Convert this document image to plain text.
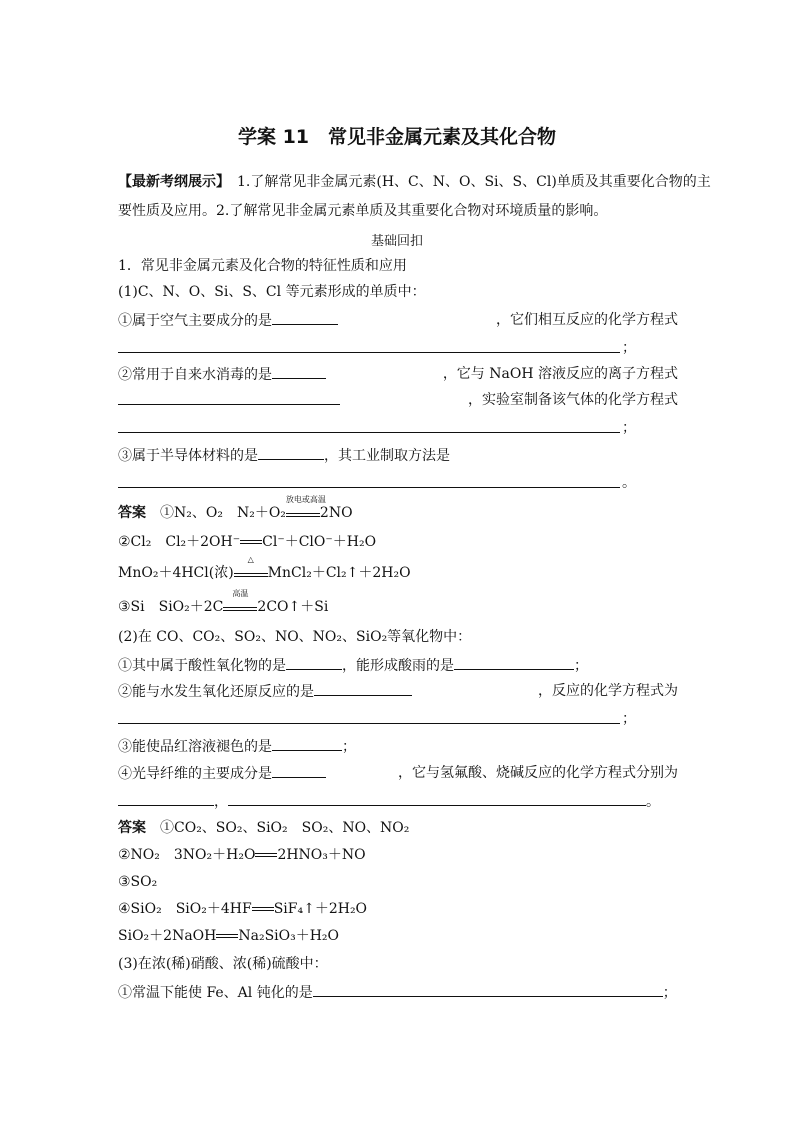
学案 11　常见非金属元素及其化合物
【最新考纲展示】　1.了解常见非金属元素(H、C、N、O、Si、S、Cl)单质及其重要化合物的主
要性质及应用。2.了解常见非金属元素单质及其重要化合物对环境质量的影响。
基础回扣
1．常见非金属元素及化合物的特征性质和应用
(1)C、N、O、Si、S、Cl 等元素形成的单质中：
①属于空气主要成分的是	，它们相互反应的化学方程式
；
②常用于自来水消毒的是	，它与 NaOH 溶液反应的离子方程式
，实验室制备该气体的化学方程式
；
③属于半导体材料的是	，其工业制取方法是
。
答案　①N₂、O₂　N₂＋O₂
放电或高温
2NO
②Cl₂　Cl₂＋2OH⁻ Cl⁻＋ClO⁻＋H₂O
MnO₂＋4HCl(浓)
△
MnCl₂＋Cl₂↑＋2H₂O
③Si　SiO₂＋2C
高温
2CO↑＋Si
(2)在 CO、CO₂、SO₂、NO、NO₂、SiO₂等氧化物中：
①其中属于酸性氧化物的是	，能形成酸雨的是	；
②能与水发生氧化还原反应的是	，反应的化学方程式为
；
③能使品红溶液褪色的是	；
④光导纤维的主要成分是	，它与氢氟酸、烧碱反应的化学方程式分别为
，	。
答案　①CO₂、SO₂、SiO₂　SO₂、NO、NO₂
②NO₂　3NO₂＋H₂O 2HNO₃＋NO
③SO₂
④SiO₂　SiO₂＋4HF SiF₄↑＋2H₂O
SiO₂＋2NaOH Na₂SiO₃＋H₂O
(3)在浓(稀)硝酸、浓(稀)硫酸中：
①常温下能使 Fe、Al 钝化的是	；
